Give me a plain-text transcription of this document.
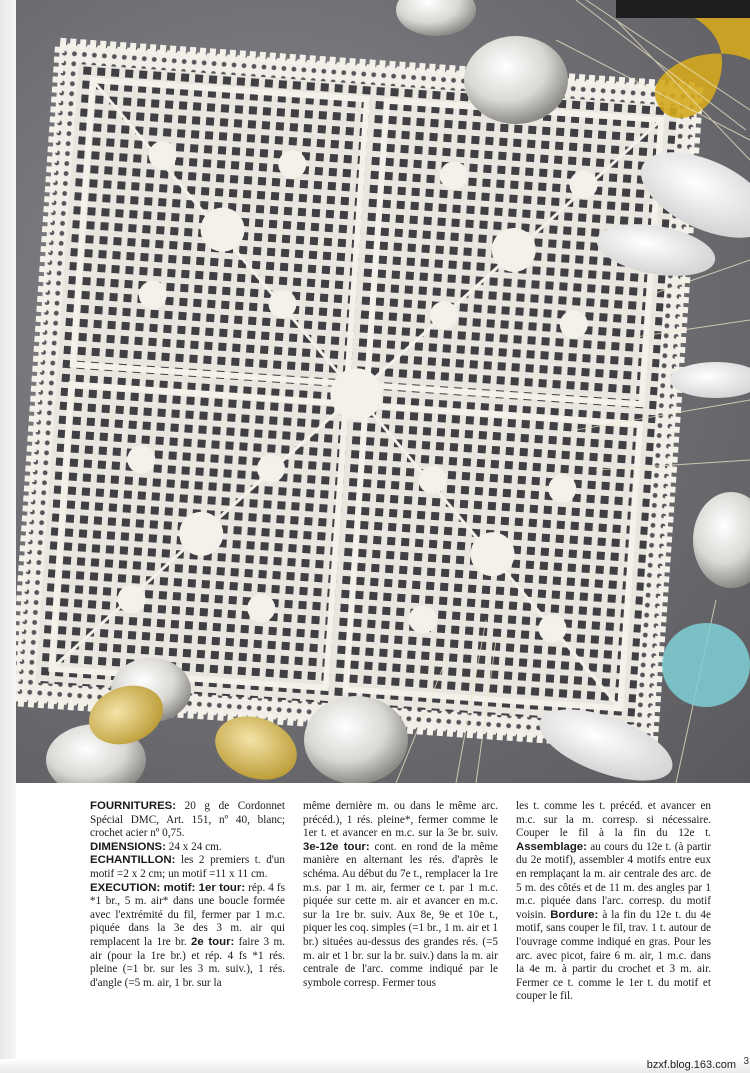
FOURNITURES: 20 g de Cordonnet Spécial DMC, Art. 151, nº 40, blanc; crochet acier nº 0,75.

DIMENSIONS: 24 x 24 cm.

ECHANTILLON: les 2 premiers t. d'un motif =2 x 2 cm; un motif =11 x 11 cm.

EXECUTION: motif: 1er tour: rép. 4 fs *1 br., 5 m. air* dans une boucle formée avec l'extrémité du fil, fermer par 1 m.c. piquée dans la 3e des 3 m. air qui remplacent la 1re br. 2e tour: faire 3 m. air (pour la 1re br.) et rép. 4 fs *1 rés. pleine (=1 br. sur les 3 m. suiv.), 1 rés. d'angle (=5 m. air, 1 br. sur la

même dernière m. ou dans le même arc. précéd.), 1 rés. pleine*, fermer comme le 1er t. et avancer en m.c. sur la 3e br. suiv. 3e-12e tour: cont. en rond de la même manière en alternant les rés. d'après le schéma. Au début du 7e t., remplacer la 1re m.s. par 1 m. air, fermer ce t. par 1 m.c. piquée sur cette m. air et avancer en m.c. sur la 1re br. suiv. Aux 8e, 9e et 10e t., piquer les coq. simples (=1 br., 1 m. air et 1 br.) situées au-dessus des grandes rés. (=5 m. air et 1 br. sur la br. suiv.) dans la m. air centrale de l'arc. comme indiqué par le symbole corresp. Fermer tous

les t. comme les t. précéd. et avancer en m.c. sur la m. corresp. si nécessaire. Couper le fil à la fin du 12e t. Assemblage: au cours du 12e t. (à partir du 2e motif), assembler 4 motifs entre eux en remplaçant la m. air centrale des arc. de 5 m. des côtés et de 11 m. des angles par 1 m.c. piquée dans l'arc. corresp. du motif voisin. Bordure: à la fin du 12e t. du 4e motif, sans couper le fil, trav. 1 t. autour de l'ouvrage comme indiqué en gras. Pour les arc. avec picot, faire 6 m. air, 1 m.c. dans la 4e m. à partir du crochet et 3 m. air. Fermer ce t. comme le 1er t. du motif et couper le fil.

bzxf.blog.163.com 3
